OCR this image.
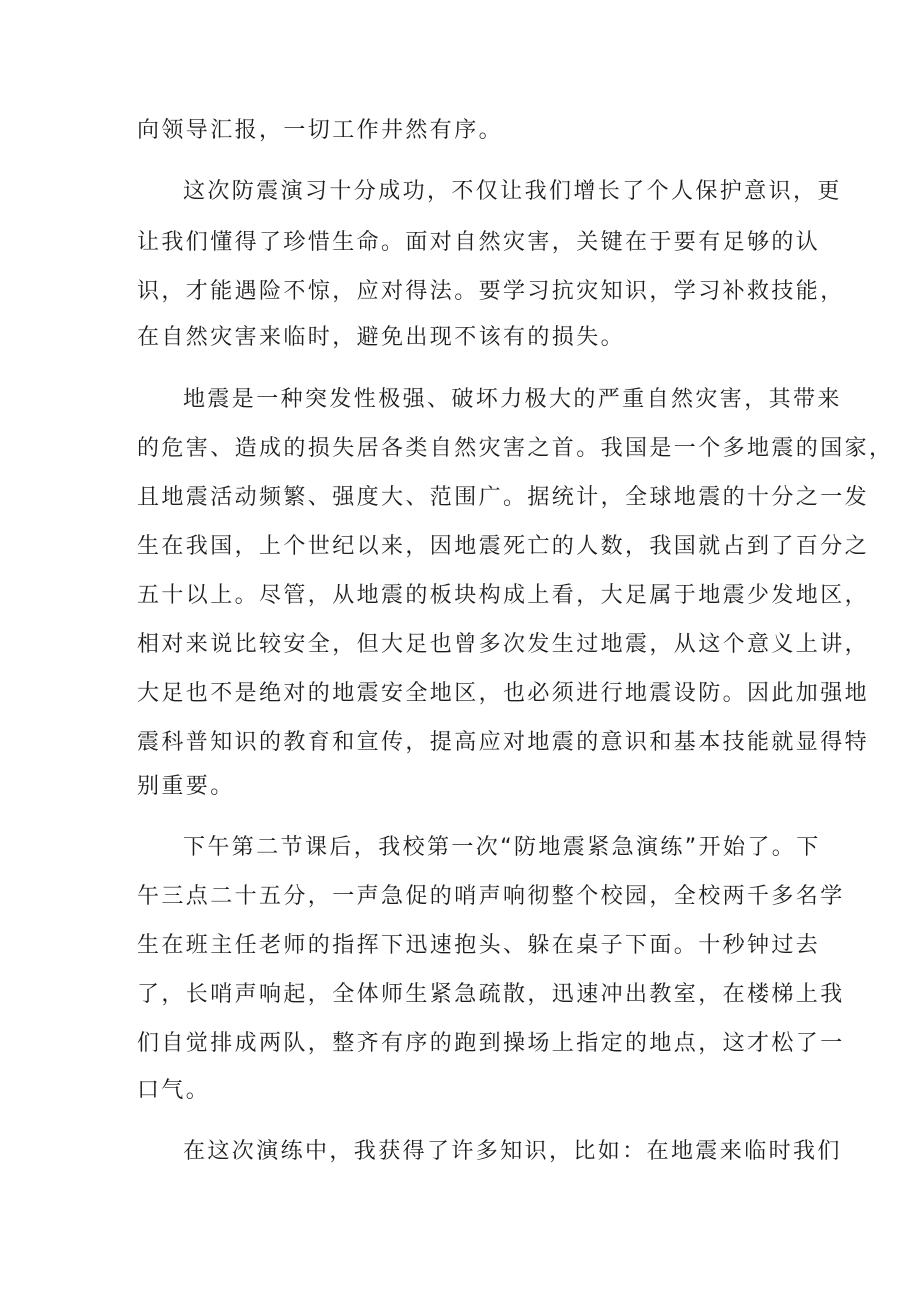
向领导汇报，一切工作井然有序。
这次防震演习十分成功，不仅让我们增长了个人保护意识，更
让我们懂得了珍惜生命。面对自然灾害，关键在于要有足够的认
识，才能遇险不惊，应对得法。要学习抗灾知识，学习补救技能，
在自然灾害来临时，避免出现不该有的损失。
地震是一种突发性极强、破坏力极大的严重自然灾害，其带来
的危害、造成的损失居各类自然灾害之首。我国是一个多地震的国家，
且地震活动频繁、强度大、范围广。据统计，全球地震的十分之一发
生在我国，上个世纪以来，因地震死亡的人数，我国就占到了百分之
五十以上。尽管，从地震的板块构成上看，大足属于地震少发地区，
相对来说比较安全，但大足也曾多次发生过地震，从这个意义上讲，
大足也不是绝对的地震安全地区，也必须进行地震设防。因此加强地
震科普知识的教育和宣传，提高应对地震的意识和基本技能就显得特
别重要。
下午第二节课后，我校第一次“防地震紧急演练”开始了。下
午三点二十五分，一声急促的哨声响彻整个校园，全校两千多名学
生在班主任老师的指挥下迅速抱头、躲在桌子下面。十秒钟过去
了，长哨声响起，全体师生紧急疏散，迅速冲出教室，在楼梯上我
们自觉排成两队，整齐有序的跑到操场上指定的地点，这才松了一
口气。
在这次演练中，我获得了许多知识，比如：在地震来临时我们
